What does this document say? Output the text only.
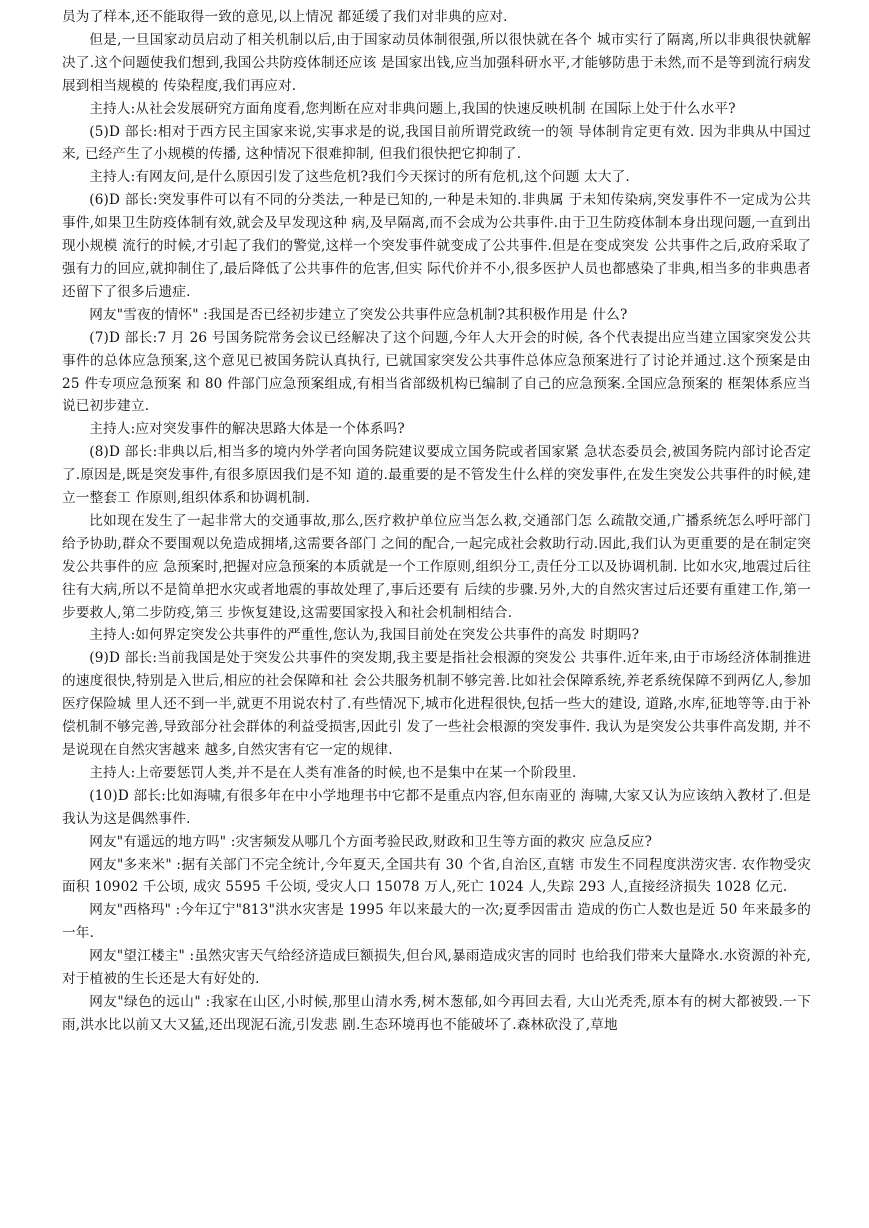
员为了样本,还不能取得一致的意见,以上情况 都延缓了我们对非典的应对.

但是,一旦国家动员启动了相关机制以后,由于国家动员体制很强,所以很快就在各个 城市实行了隔离,所以非典很快就解决了.这个问题使我们想到,我国公共防疫体制还应该 是国家出钱,应当加强科研水平,才能够防患于未然,而不是等到流行病发展到相当规模的 传染程度,我们再应对.

主持人:从社会发展研究方面角度看,您判断在应对非典问题上,我国的快速反映机制 在国际上处于什么水平?

(5)D 部长:相对于西方民主国家来说,实事求是的说,我国目前所谓党政统一的领 导体制肯定更有效. 因为非典从中国过来, 已经产生了小规模的传播, 这种情况下很难抑制, 但我们很快把它抑制了.

主持人:有网友问,是什么原因引发了这些危机?我们今天探讨的所有危机,这个问题 太大了.

(6)D 部长:突发事件可以有不同的分类法,一种是已知的,一种是未知的.非典属 于未知传染病,突发事件不一定成为公共事件,如果卫生防疫体制有效,就会及早发现这种 病,及早隔离,而不会成为公共事件.由于卫生防疫体制本身出现问题,一直到出现小规模 流行的时候,才引起了我们的警觉,这样一个突发事件就变成了公共事件.但是在变成突发 公共事件之后,政府采取了强有力的回应,就抑制住了,最后降低了公共事件的危害,但实 际代价并不小,很多医护人员也都感染了非典,相当多的非典患者还留下了很多后遗症.

网友"雪夜的情怀" :我国是否已经初步建立了突发公共事件应急机制?其积极作用是 什么?

(7)D 部长:7 月 26 号国务院常务会议已经解决了这个问题,今年人大开会的时候, 各个代表提出应当建立国家突发公共事件的总体应急预案,这个意见已被国务院认真执行, 已就国家突发公共事件总体应急预案进行了讨论并通过.这个预案是由 25 件专项应急预案 和 80 件部门应急预案组成,有相当省部级机构已编制了自己的应急预案.全国应急预案的 框架体系应当说已初步建立.

主持人:应对突发事件的解决思路大体是一个体系吗?

(8)D 部长:非典以后,相当多的境内外学者向国务院建议要成立国务院或者国家紧 急状态委员会,被国务院内部讨论否定了.原因是,既是突发事件,有很多原因我们是不知 道的.最重要的是不管发生什么样的突发事件,在发生突发公共事件的时候,建立一整套工 作原则,组织体系和协调机制.

比如现在发生了一起非常大的交通事故,那么,医疗救护单位应当怎么救,交通部门怎 么疏散交通,广播系统怎么呼吁部门给予协助,群众不要围观以免造成拥堵,这需要各部门 之间的配合,一起完成社会救助行动.因此,我们认为更重要的是在制定突发公共事件的应 急预案时,把握对应急预案的本质就是一个工作原则,组织分工,责任分工以及协调机制. 比如水灾,地震过后往往有大病,所以不是简单把水灾或者地震的事故处理了,事后还要有 后续的步骤.另外,大的自然灾害过后还要有重建工作,第一步要救人,第二步防疫,第三 步恢复建设,这需要国家投入和社会机制相结合.

主持人:如何界定突发公共事件的严重性,您认为,我国目前处在突发公共事件的高发 时期吗?

(9)D 部长:当前我国是处于突发公共事件的突发期,我主要是指社会根源的突发公 共事件.近年来,由于市场经济体制推进的速度很快,特别是入世后,相应的社会保障和社 会公共服务机制不够完善.比如社会保障系统,养老系统保障不到两亿人,参加医疗保险城 里人还不到一半,就更不用说农村了.有些情况下,城市化进程很快,包括一些大的建设, 道路,水库,征地等等.由于补偿机制不够完善,导致部分社会群体的利益受损害,因此引 发了一些社会根源的突发事件. 我认为是突发公共事件高发期, 并不是说现在自然灾害越来 越多,自然灾害有它一定的规律.

主持人:上帝要惩罚人类,并不是在人类有准备的时候,也不是集中在某一个阶段里.

(10)D 部长:比如海啸,有很多年在中小学地理书中它都不是重点内容,但东南亚的 海啸,大家又认为应该纳入教材了.但是我认为这是偶然事件.

网友"有遥远的地方吗" :灾害频发从哪几个方面考验民政,财政和卫生等方面的救灾 应急反应?

网友"多来米" :据有关部门不完全统计,今年夏天,全国共有 30 个省,自治区,直辖 市发生不同程度洪涝灾害. 农作物受灾面积 10902 千公顷, 成灾 5595 千公顷, 受灾人口 15078 万人,死亡 1024 人,失踪 293 人,直接经济损失 1028 亿元.

网友"西格玛" :今年辽宁"813"洪水灾害是 1995 年以来最大的一次;夏季因雷击 造成的伤亡人数也是近 50 年来最多的一年.

网友"望江楼主" :虽然灾害天气给经济造成巨额损失,但台风,暴雨造成灾害的同时 也给我们带来大量降水.水资源的补充,对于植被的生长还是大有好处的.

网友"绿色的远山" :我家在山区,小时候,那里山清水秀,树木葱郁,如今再回去看, 大山光秃秃,原本有的树大都被毁.一下雨,洪水比以前又大又猛,还出现泥石流,引发悲 剧.生态环境再也不能破坏了.森林砍没了,草地
